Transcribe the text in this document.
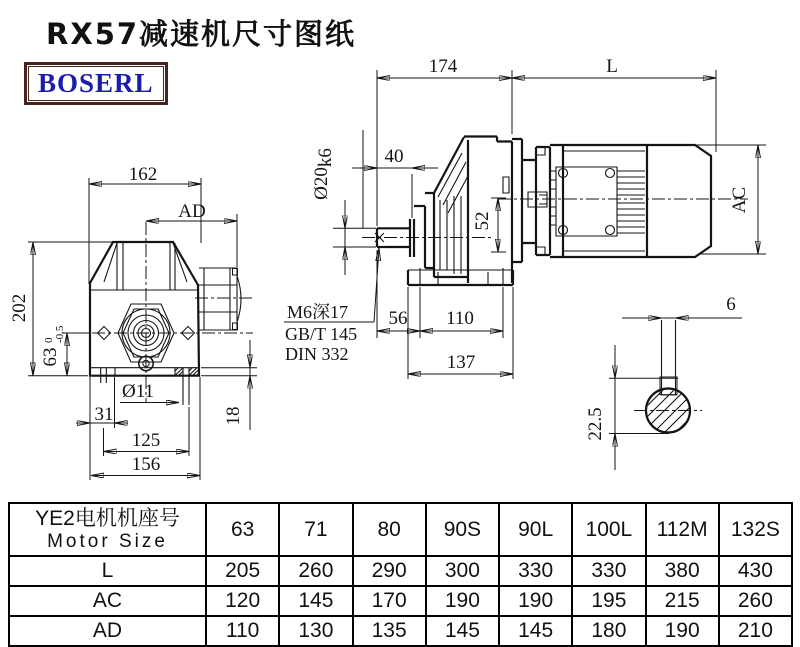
RX57减速机尺寸图纸
BOSERL
162
AD
202
63
0 -0.5
Ø11
31
125
156
18
174	L
40
Ø20k6
52
56 110
137
AC
M6深17
GB/T 145
DIN 332
6
22.5
YE2电机机座号
Motor Size	63	71	80	90S	90L	100L	112M	132S
L	205	260	290	300	330	330	380	430
AC	120	145	170	190	190	195	215	260
AD	110	130	135	145	145	180	190	210
